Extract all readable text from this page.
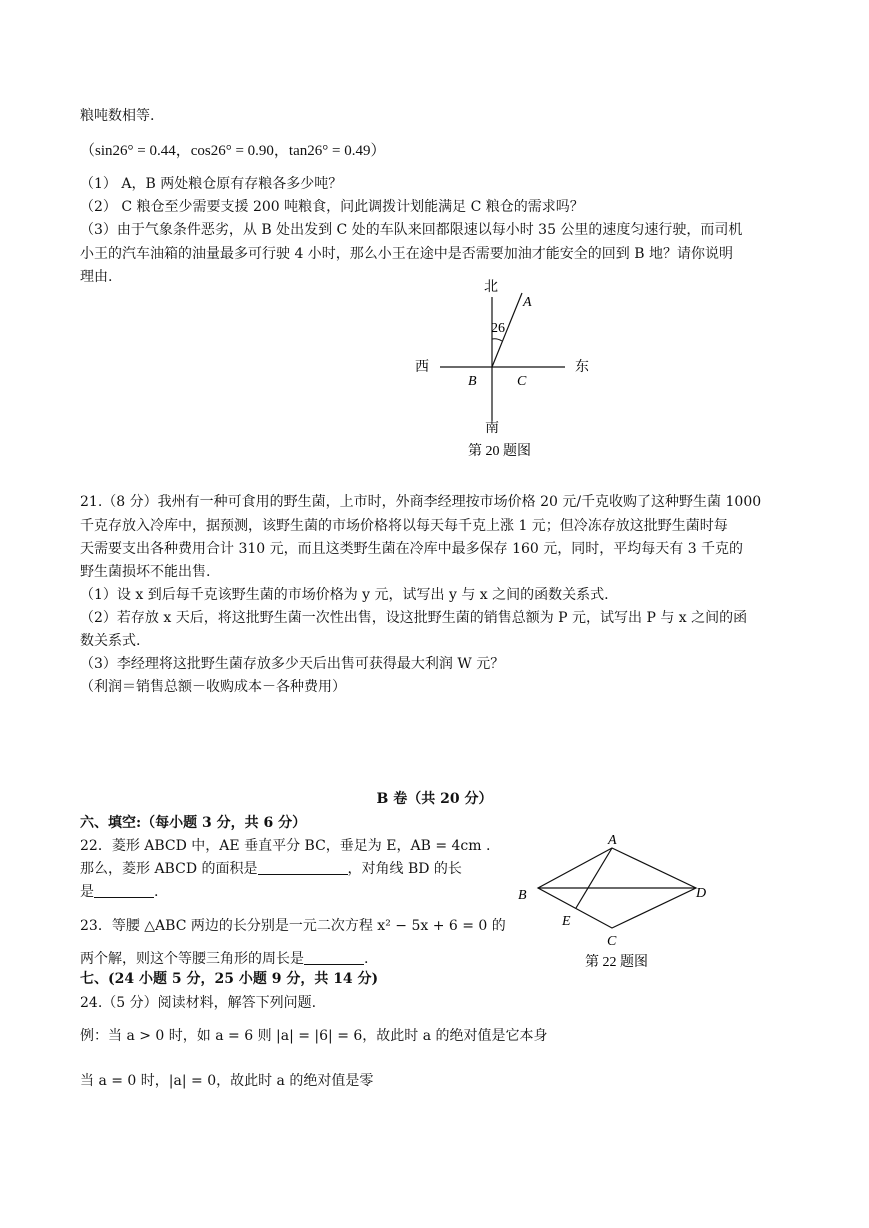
粮吨数相等.
（sin26° = 0.44，cos26° = 0.90，tan26° = 0.49）
（1） A，B 两处粮仓原有存粮各多少吨？
（2） C 粮仓至少需要支援 200 吨粮食，问此调拨计划能满足 C 粮仓的需求吗？
（3）由于气象条件恶劣，从 B 处出发到 C 处的车队来回都限速以每小时 35 公里的速度匀速行驶，而司机
小王的汽车油箱的油量最多可行驶 4 小时，那么小王在途中是否需要加油才能安全的回到 B 地？请你说明
理由.
北
A
26
西	东
B	C
南
第 20 题图
21.（8 分）我州有一种可食用的野生菌，上市时，外商李经理按市场价格 20 元/千克收购了这种野生菌 1000
千克存放入冷库中，据预测，该野生菌的市场价格将以每天每千克上涨 1 元；但冷冻存放这批野生菌时每
天需要支出各种费用合计 310 元，而且这类野生菌在冷库中最多保存 160 元，同时，平均每天有 3 千克的
野生菌损坏不能出售.
（1）设 x 到后每千克该野生菌的市场价格为 y 元，试写出 y 与 x 之间的函数关系式.
（2）若存放 x 天后，将这批野生菌一次性出售，设这批野生菌的销售总额为 P 元，试写出 P 与 x 之间的函
数关系式.
（3）李经理将这批野生菌存放多少天后出售可获得最大利润 W 元？
（利润＝销售总额－收购成本－各种费用）
B 卷（共 20 分）
六、填空:（每小题 3 分，共 6 分）
22．菱形 ABCD 中，AE 垂直平分 BC，垂足为 E，AB = 4cm .
那么，菱形 ABCD 的面积是	，对角线 BD 的长
是	.
23．等腰 △ABC 两边的长分别是一元二次方程 x² − 5x + 6 = 0 的
两个解，则这个等腰三角形的周长是	.
A
B	D
E
C
第 22 题图
七、(24 小题 5 分，25 小题 9 分，共 14 分)
24.（5 分）阅读材料，解答下列问题.
例：当 a > 0 时，如 a = 6 则 |a| = |6| = 6，故此时 a 的绝对值是它本身
当 a = 0 时，|a| = 0，故此时 a 的绝对值是零
